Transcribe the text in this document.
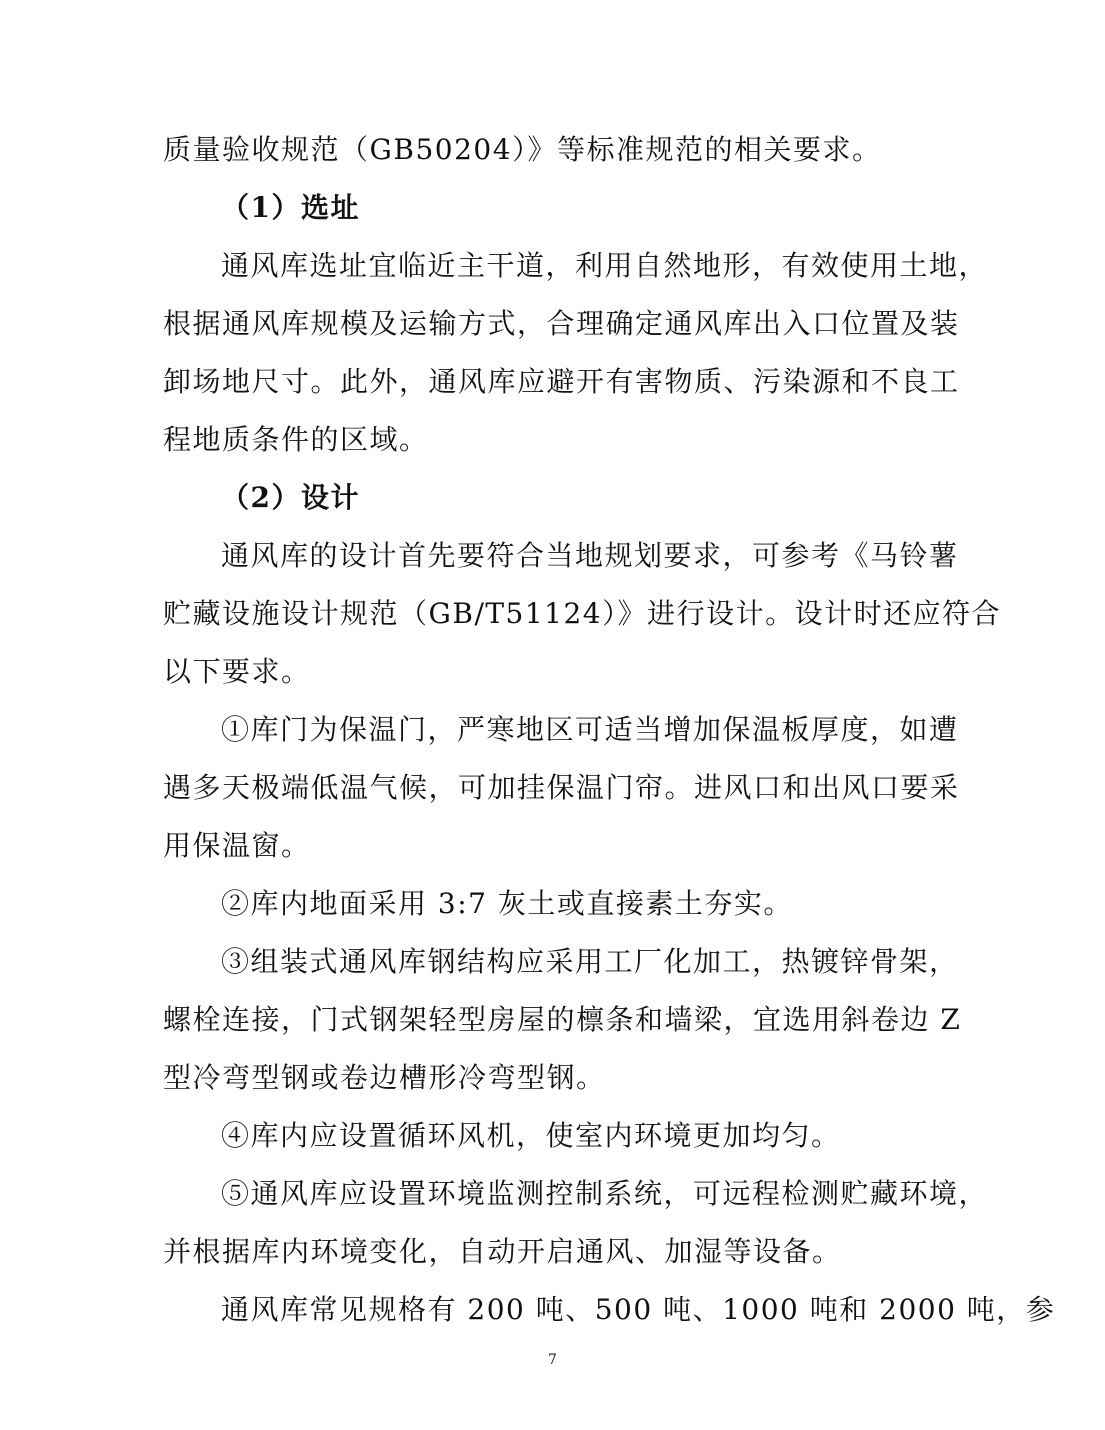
质量验收规范（GB50204）》等标准规范的相关要求。
（1）选址
通风库选址宜临近主干道，利用自然地形，有效使用土地，
根据通风库规模及运输方式，合理确定通风库出入口位置及装
卸场地尺寸。此外，通风库应避开有害物质、污染源和不良工
程地质条件的区域。
（2）设计
通风库的设计首先要符合当地规划要求，可参考《马铃薯
贮藏设施设计规范（GB/T51124）》进行设计。设计时还应符合
以下要求。
①库门为保温门，严寒地区可适当增加保温板厚度，如遭
遇多天极端低温气候，可加挂保温门帘。进风口和出风口要采
用保温窗。
②库内地面采用 3:7 灰土或直接素土夯实。
③组装式通风库钢结构应采用工厂化加工，热镀锌骨架，
螺栓连接，门式钢架轻型房屋的檩条和墙梁，宜选用斜卷边 Z
型冷弯型钢或卷边槽形冷弯型钢。
④库内应设置循环风机，使室内环境更加均匀。
⑤通风库应设置环境监测控制系统，可远程检测贮藏环境，
并根据库内环境变化，自动开启通风、加湿等设备。
通风库常见规格有 200 吨、500 吨、1000 吨和 2000 吨，参
7
